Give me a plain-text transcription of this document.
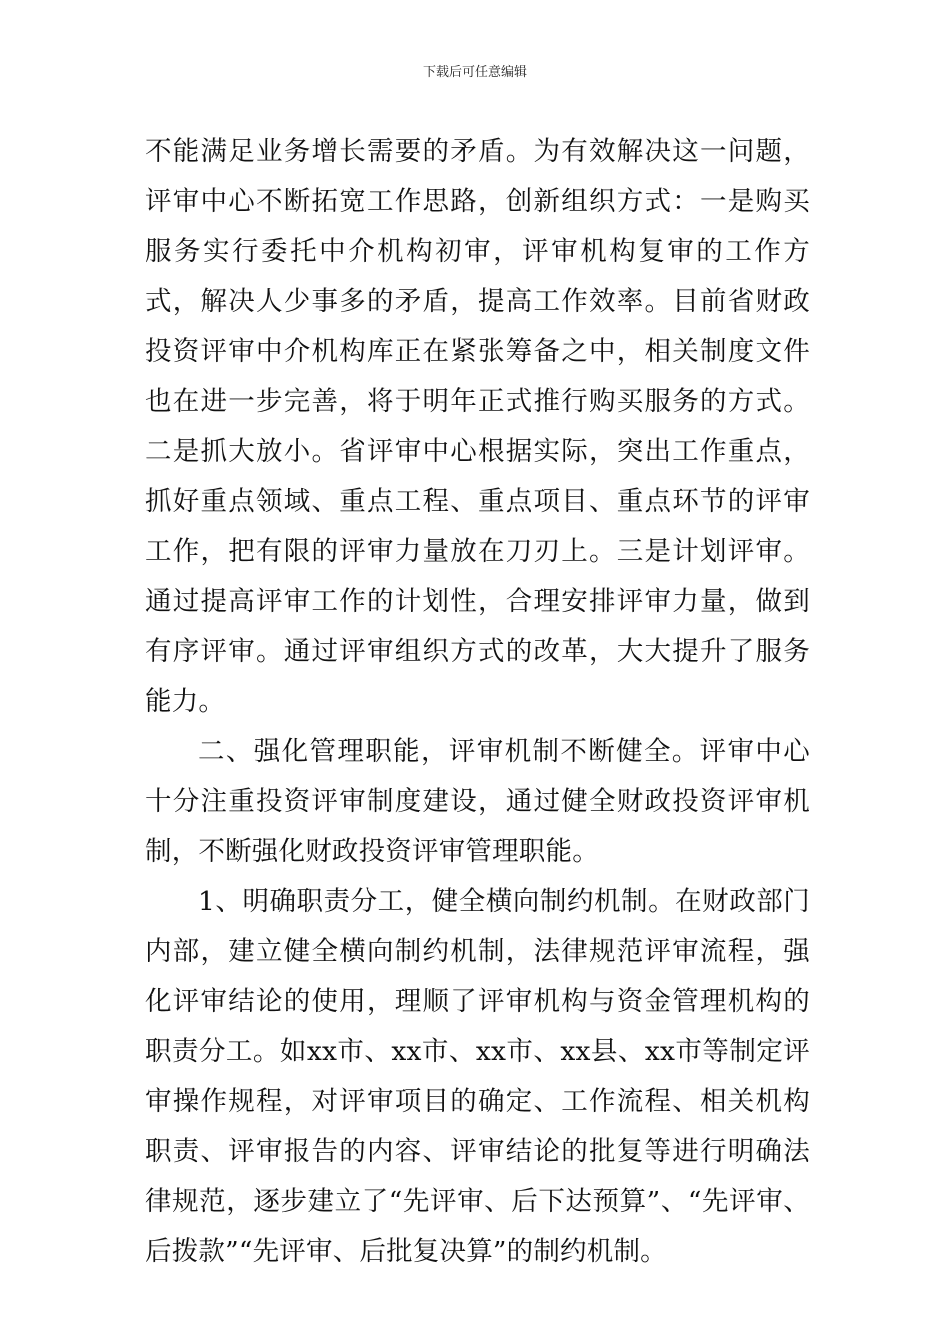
下载后可任意编辑

不能满足业务增长需要的矛盾。为有效解决这一问题，评审中心不断拓宽工作思路，创新组织方式：一是购买服务实行委托中介机构初审，评审机构复审的工作方式，解决人少事多的矛盾，提高工作效率。目前省财政投资评审中介机构库正在紧张筹备之中，相关制度文件也在进一步完善，将于明年正式推行购买服务的方式。二是抓大放小。省评审中心根据实际，突出工作重点，抓好重点领域、重点工程、重点项目、重点环节的评审工作，把有限的评审力量放在刀刃上。三是计划评审。通过提高评审工作的计划性，合理安排评审力量，做到有序评审。通过评审组织方式的改革，大大提升了服务能力。

二、强化管理职能，评审机制不断健全。评审中心十分注重投资评审制度建设，通过健全财政投资评审机制，不断强化财政投资评审管理职能。

1、明确职责分工，健全横向制约机制。在财政部门内部，建立健全横向制约机制，法律规范评审流程，强化评审结论的使用，理顺了评审机构与资金管理机构的职责分工。如xx市、xx市、xx市、xx县、xx市等制定评审操作规程，对评审项目的确定、工作流程、相关机构职责、评审报告的内容、评审结论的批复等进行明确法律规范，逐步建立了“先评审、后下达预算”、“先评审、后拨款”“先评审、后批复决算”的制约机制。
